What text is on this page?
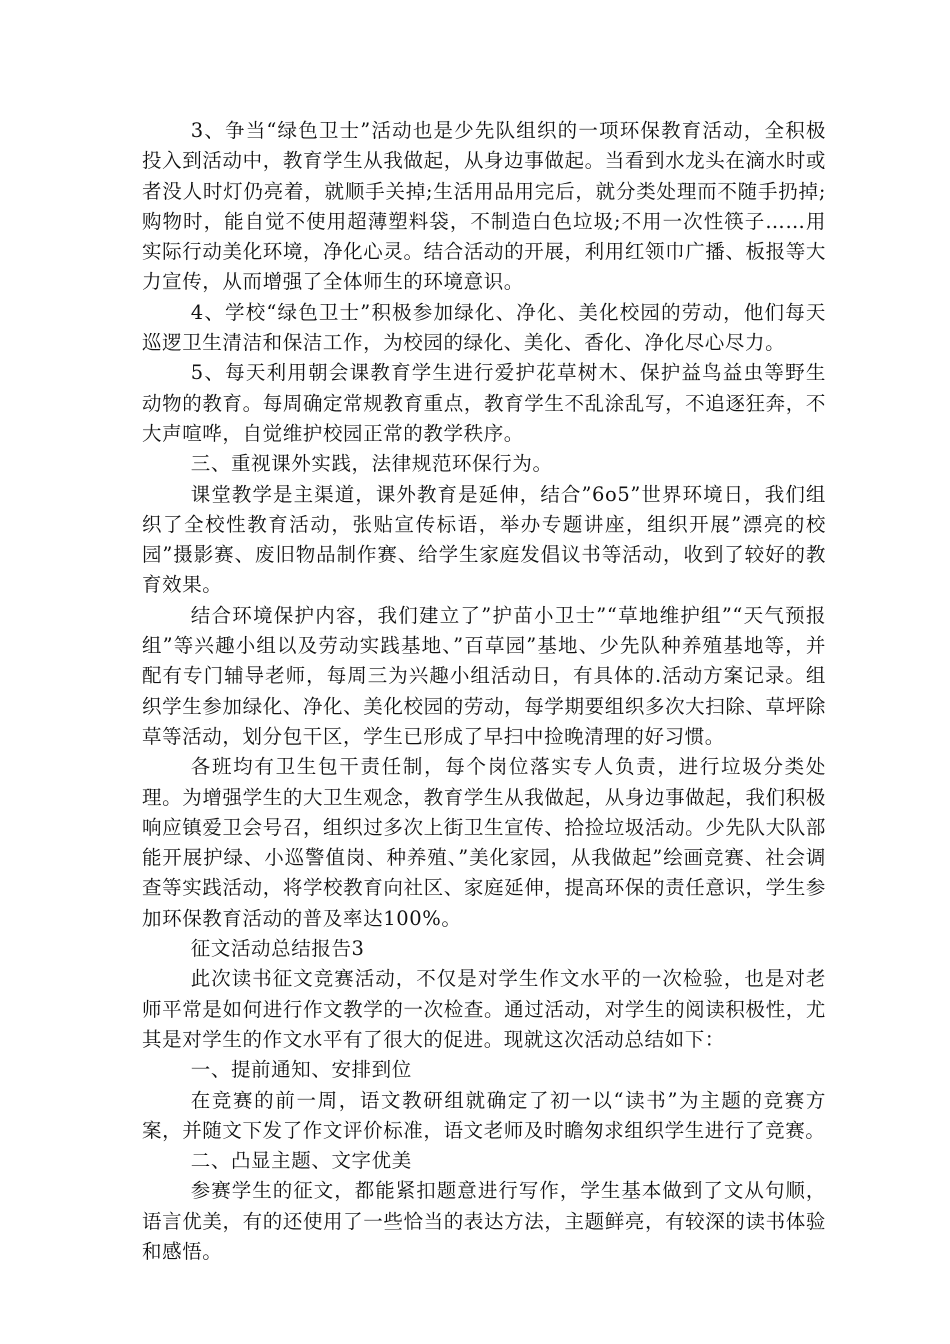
3、争当“绿色卫士”活动也是少先队组织的一项环保教育活动，全积极投入到活动中，教育学生从我做起，从身边事做起。当看到水龙头在滴水时或者没人时灯仍亮着，就顺手关掉;生活用品用完后，就分类处理而不随手扔掉;购物时，能自觉不使用超薄塑料袋，不制造白色垃圾;不用一次性筷子……用实际行动美化环境，净化心灵。结合活动的开展，利用红领巾广播、板报等大力宣传，从而增强了全体师生的环境意识。

4、学校“绿色卫士”积极参加绿化、净化、美化校园的劳动，他们每天巡逻卫生清洁和保洁工作，为校园的绿化、美化、香化、净化尽心尽力。

5、每天利用朝会课教育学生进行爱护花草树木、保护益鸟益虫等野生动物的教育。每周确定常规教育重点，教育学生不乱涂乱写，不追逐狂奔，不大声喧哗，自觉维护校园正常的教学秩序。

三、重视课外实践，法律规范环保行为。

课堂教学是主渠道，课外教育是延伸，结合”6o5”世界环境日，我们组织了全校性教育活动，张贴宣传标语，举办专题讲座，组织开展”漂亮的校园”摄影赛、废旧物品制作赛、给学生家庭发倡议书等活动，收到了较好的教育效果。

结合环境保护内容，我们建立了”护苗小卫士”“草地维护组”“天气预报组”等兴趣小组以及劳动实践基地、”百草园”基地、少先队种养殖基地等，并配有专门辅导老师，每周三为兴趣小组活动日，有具体的.活动方案记录。组织学生参加绿化、净化、美化校园的劳动，每学期要组织多次大扫除、草坪除草等活动，划分包干区，学生已形成了早扫中捡晚清理的好习惯。

各班均有卫生包干责任制，每个岗位落实专人负责，进行垃圾分类处理。为增强学生的大卫生观念，教育学生从我做起，从身边事做起，我们积极响应镇爱卫会号召，组织过多次上街卫生宣传、拾捡垃圾活动。少先队大队部能开展护绿、小巡警值岗、种养殖、”美化家园，从我做起”绘画竞赛、社会调查等实践活动，将学校教育向社区、家庭延伸，提高环保的责任意识，学生参加环保教育活动的普及率达100%。

征文活动总结报告3

此次读书征文竞赛活动，不仅是对学生作文水平的一次检验，也是对老师平常是如何进行作文教学的一次检查。通过活动，对学生的阅读积极性，尤其是对学生的作文水平有了很大的促进。现就这次活动总结如下：

一、提前通知、安排到位

在竞赛的前一周，语文教研组就确定了初一以“读书”为主题的竞赛方案，并随文下发了作文评价标准，语文老师及时瞻匆求组织学生进行了竞赛。

二、凸显主题、文字优美

参赛学生的征文，都能紧扣题意进行写作，学生基本做到了文从句顺，语言优美，有的还使用了一些恰当的表达方法，主题鲜亮，有较深的读书体验和感悟。
